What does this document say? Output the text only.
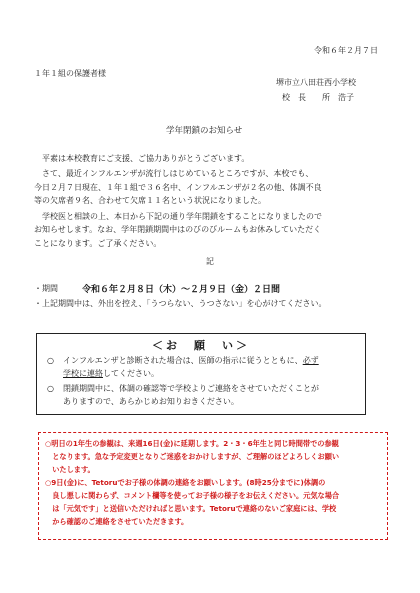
令和６年２月７日
１年１組の保護者様
堺市立八田荘西小学校
校　長　　所　浩子
学年閉鎖のお知らせ
平素は本校教育にご支援、ご協力ありがとうございます。
さて、最近インフルエンザが流行しはじめているところですが、本校でも、
今日２月７日現在、１年１組で３６名中、インフルエンザが２名の他、体調不良
等の欠席者９名、合わせて欠席１１名という状況になりました。
学校医と相談の上、本日から下記の通り学年閉鎖をすることになりましたので
お知らせします。なお、学年閉鎖期間中はのびのびルームもお休みしていただく
ことになります。ご了承ください。
記
・期間	令和６年２月８日（木）〜２月９日（金）２日間
・上記期間中は、外出を控え、「うつらない、うつさない」を心がけてください。
＜お　願　い＞
○ インフルエンザと診断された場合は、医師の指示に従うとともに、必ず
学校に連絡してください。
○ 閉鎖期間中に、体調の確認等で学校よりご連絡をさせていただくことが
ありますので、あらかじめお知りおきください。
○明日の1年生の参観は、来週16日(金)に延期します。2・3・6年生と同じ時間帯での参観
　となります。急な予定変更となりご迷惑をおかけしますが、ご理解のほどよろしくお願い
　いたします。
○9日(金)に、Tetoruでお子様の体調の連絡をお願いします。(8時25分までに)体調の
　良し悪しに関わらず、コメント欄等を使ってお子様の様子をお伝えください。元気な場合
　は「元気です」と送信いただければと思います。Tetoruで連絡のないご家庭には、学校
　から確認のご連絡をさせていただきます。
